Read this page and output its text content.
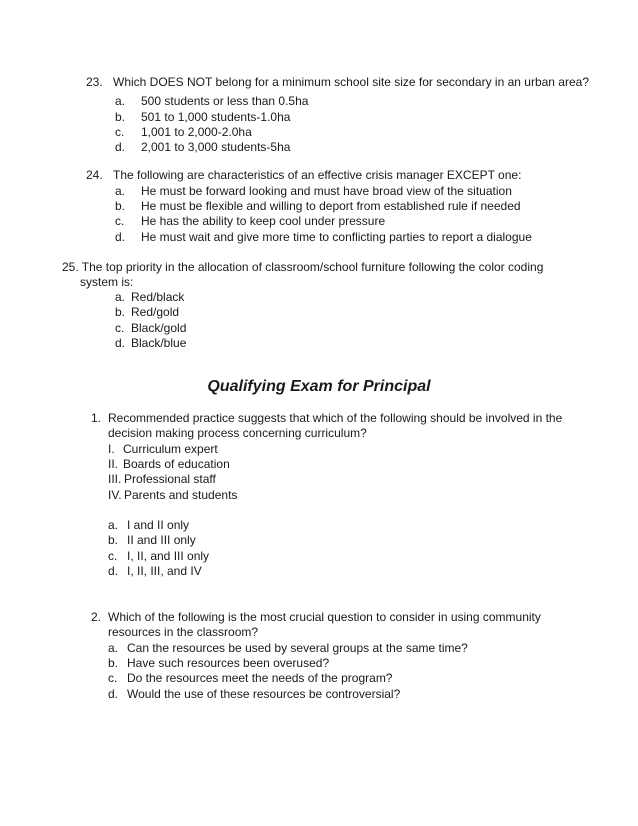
23. Which DOES NOT belong for a minimum school site size for secondary in an urban area?
a. 500 students or less than 0.5ha
b. 501 to 1,000 students-1.0ha
c. 1,001 to 2,000-2.0ha
d. 2,001 to 3,000 students-5ha
24. The following are characteristics of an effective crisis manager EXCEPT one:
a. He must be forward looking and must have broad view of the situation
b. He must be flexible and willing to deport from established rule if needed
c. He has the ability to keep cool under pressure
d. He must wait and give more time to conflicting parties to report a dialogue
25. The top priority in the allocation of classroom/school furniture following the color coding
system is:
a. Red/black
b. Red/gold
c. Black/gold
d. Black/blue
Qualifying Exam for Principal
1. Recommended practice suggests that which of the following should be involved in the
decision making process concerning curriculum?
I. Curriculum expert
II. Boards of education
III. Professional staff
IV. Parents and students
a. I and II only
b. II and III only
c. I, II, and III only
d. I, II, III, and IV
2. Which of the following is the most crucial question to consider in using community
resources in the classroom?
a. Can the resources be used by several groups at the same time?
b. Have such resources been overused?
c. Do the resources meet the needs of the program?
d. Would the use of these resources be controversial?
